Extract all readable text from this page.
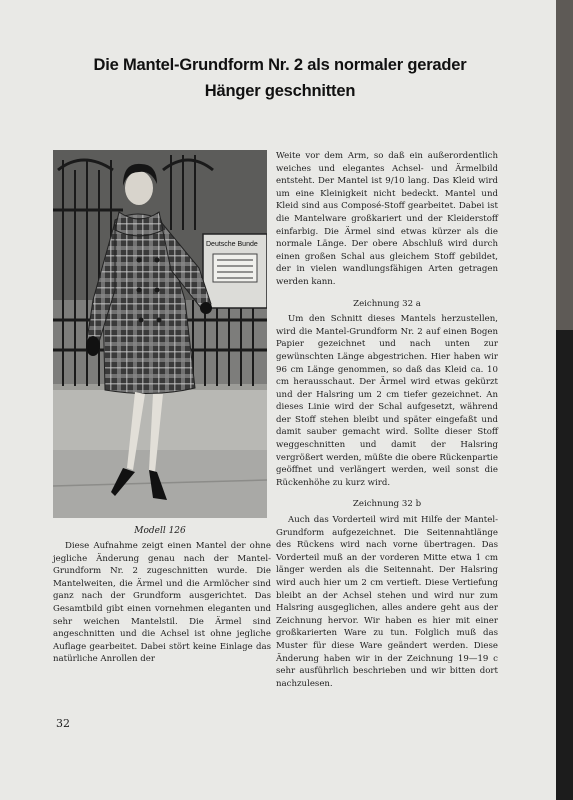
Die Mantel-Grundform Nr. 2 als normaler gerader
Hänger geschnitten
Deutsche Bunde
Modell 126

Diese Aufnahme zeigt einen Mantel der ohne jegliche Änderung genau nach der Mantel-Grundform Nr. 2 zugeschnitten wurde. Die Mantelweiten, die Ärmel und die Armlöcher sind ganz nach der Grundform ausgerichtet. Das Gesamtbild gibt einen vornehmen eleganten und sehr weichen Mantelstil. Die Ärmel sind angeschnitten und die Achsel ist ohne jegliche Auflage gearbeitet. Dabei stört keine Einlage das natürliche Anrollen der

Weite vor dem Arm, so daß ein außerordentlich weiches und elegantes Achsel- und Ärmelbild entsteht. Der Mantel ist 9/10 lang. Das Kleid wird um eine Kleinigkeit nicht bedeckt. Mantel und Kleid sind aus Composé-Stoff gearbeitet. Dabei ist die Mantelware großkariert und der Kleiderstoff einfarbig. Die Ärmel sind etwas kürzer als die normale Länge. Der obere Abschluß wird durch einen großen Schal aus gleichem Stoff gebildet, der in vielen wandlungsfähigen Arten getragen werden kann.

Zeichnung 32 a

Um den Schnitt dieses Mantels herzustellen, wird die Mantel-Grundform Nr. 2 auf einen Bogen Papier gezeichnet und nach unten zur gewünschten Länge abgestrichen. Hier haben wir 96 cm Länge genommen, so daß das Kleid ca. 10 cm herausschaut. Der Ärmel wird etwas gekürzt und der Halsring um 2 cm tiefer gezeichnet. An dieses Linie wird der Schal aufgesetzt, während der Stoff stehen bleibt und später eingefaßt und damit sauber gemacht wird. Sollte dieser Stoff weggeschnitten und damit der Halsring vergrößert werden, müßte die obere Rückenpartie geöffnet und verlängert werden, weil sonst die Rückenhöhe zu kurz wird.

Zeichnung 32 b

Auch das Vorderteil wird mit Hilfe der Mantel-Grundform aufgezeichnet. Die Seitennahtlänge des Rückens wird nach vorne übertragen. Das Vorderteil muß an der vorderen Mitte etwa 1 cm länger werden als die Seitennaht. Der Halsring wird auch hier um 2 cm vertieft. Diese Vertiefung bleibt an der Achsel stehen und wird nur zum Halsring ausgeglichen, alles andere geht aus der Zeichnung hervor. Wir haben es hier mit einer großkarierten Ware zu tun. Folglich muß das Muster für diese Ware geändert werden. Diese Änderung haben wir in der Zeichnung 19—19 c sehr ausführlich beschrieben und wir bitten dort nachzulesen.

32
